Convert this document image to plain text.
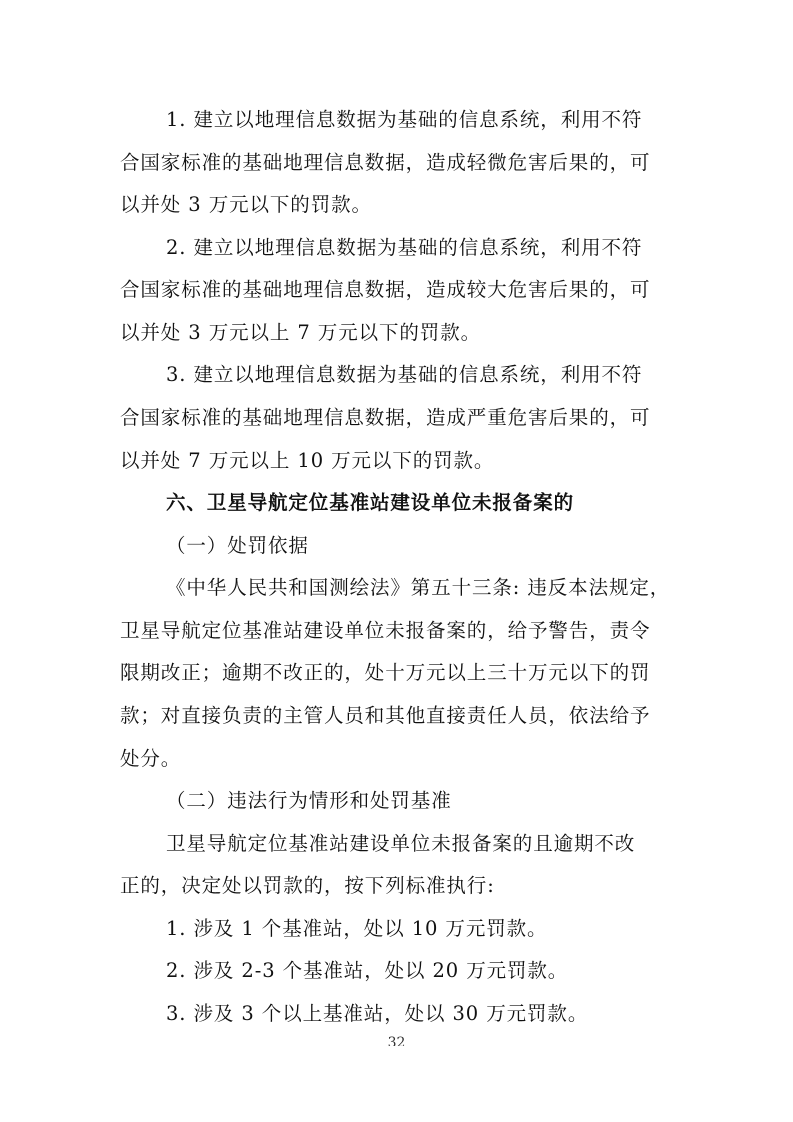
1. 建立以地理信息数据为基础的信息系统，利用不符
合国家标准的基础地理信息数据，造成轻微危害后果的，可
以并处 3 万元以下的罚款。
2. 建立以地理信息数据为基础的信息系统，利用不符
合国家标准的基础地理信息数据，造成较大危害后果的，可
以并处 3 万元以上 7 万元以下的罚款。
3. 建立以地理信息数据为基础的信息系统，利用不符
合国家标准的基础地理信息数据，造成严重危害后果的，可
以并处 7 万元以上 10 万元以下的罚款。
六、卫星导航定位基准站建设单位未报备案的
（一）处罚依据
《中华人民共和国测绘法》第五十三条: 违反本法规定，
卫星导航定位基准站建设单位未报备案的，给予警告，责令
限期改正；逾期不改正的，处十万元以上三十万元以下的罚
款；对直接负责的主管人员和其他直接责任人员，依法给予
处分。
（二）违法行为情形和处罚基准
卫星导航定位基准站建设单位未报备案的且逾期不改
正的，决定处以罚款的，按下列标准执行:
1. 涉及 1 个基准站，处以 10 万元罚款。
2. 涉及 2-3 个基准站，处以 20 万元罚款。
3. 涉及 3 个以上基准站，处以 30 万元罚款。
32
